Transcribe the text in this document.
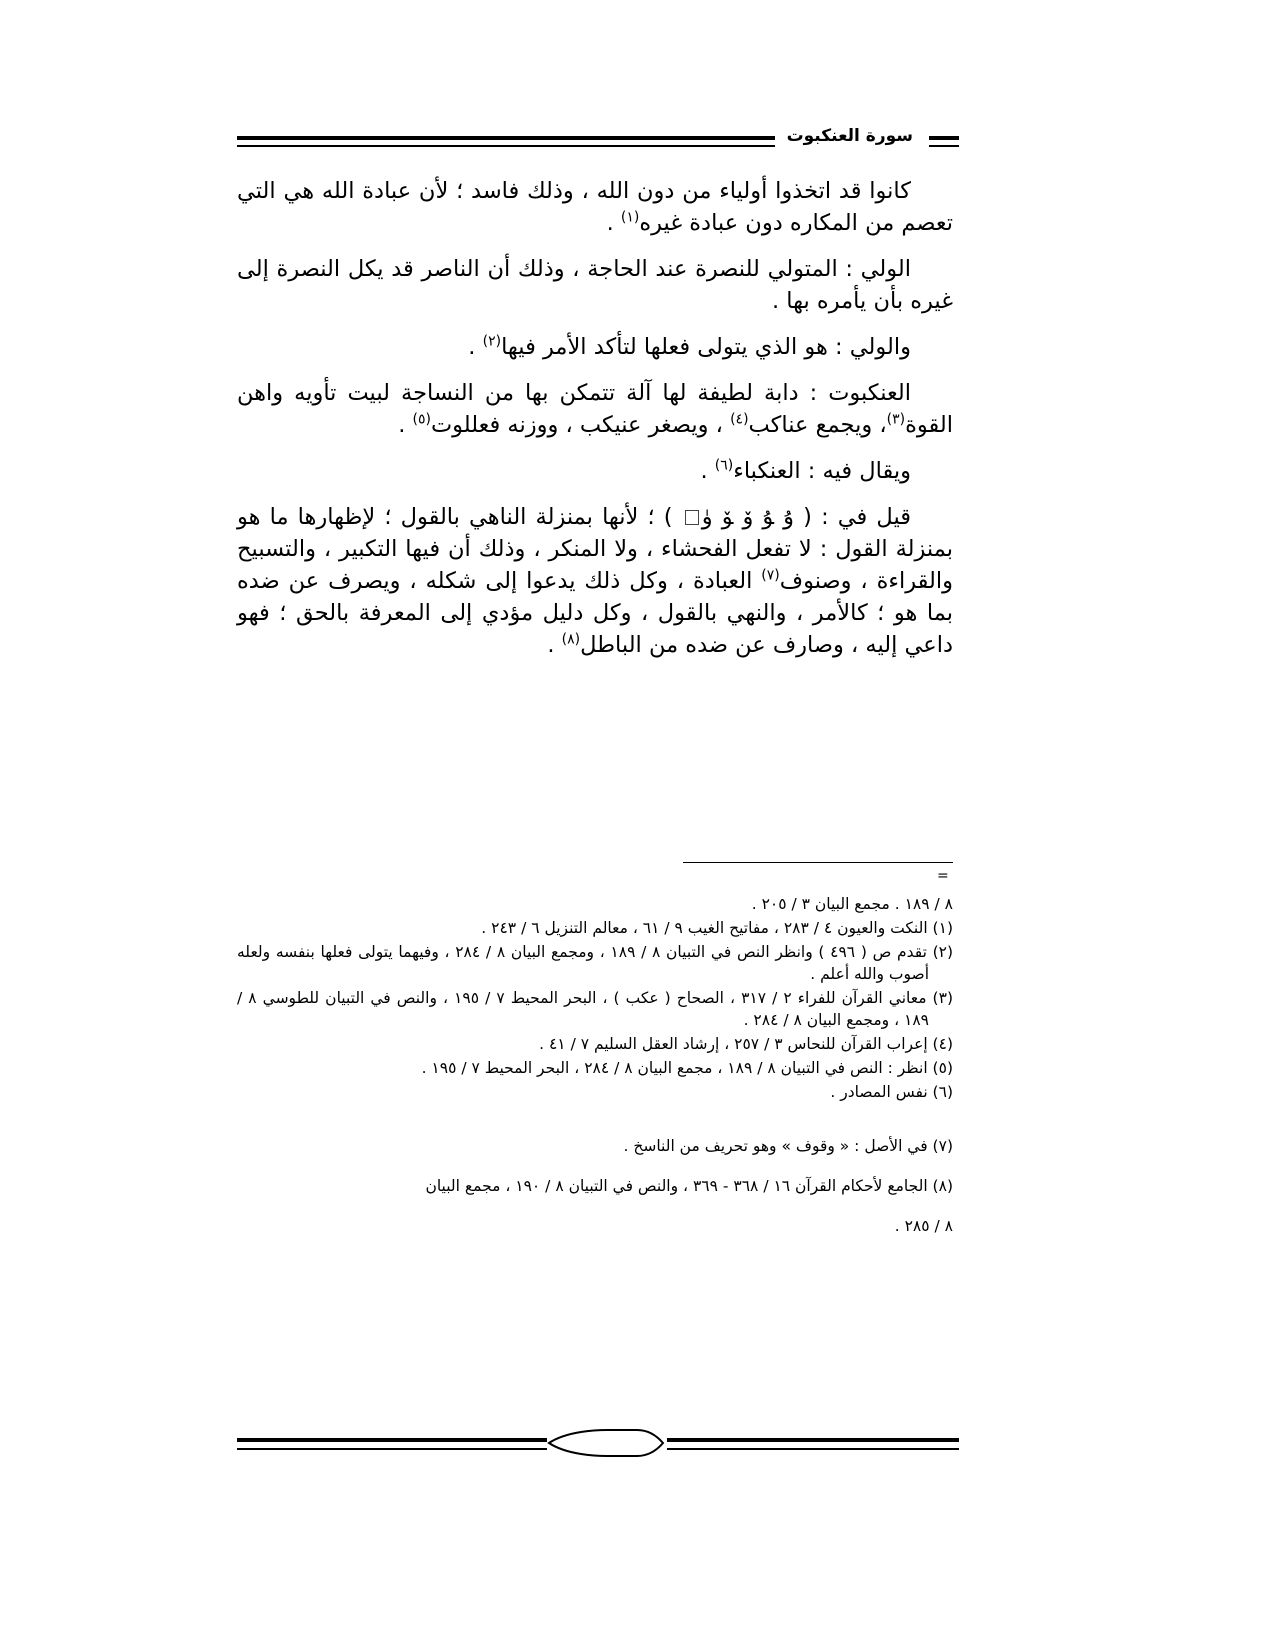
سورة العنكبوت

كانوا قد اتخذوا أولياء من دون الله ، وذلك فاسد ؛ لأن عبادة الله هي التي تعصم من المكاره دون عبادة غيره$^{(١)}$ .

الولي : المتولي للنصرة عند الحاجة ، وذلك أن الناصر قد يكل النصرة إلى غيره بأن يأمره بها .

والولي : هو الذي يتولى فعلها لتأكد الأمر فيها$^{(٢)}$ .

العنكبوت : دابة لطيفة لها آلة تتمكن بها من النساجة لبيت تأويه واهن القوة$^{(٣)}$، ويجمع عناكب$^{(٤)}$ ، ويصغر عنيكب ، ووزنه فعللوت$^{(٥)}$ .

ويقال فيه : العنكباء$^{(٦)}$ .

قيل في : ( ﯗ ﯘ ﯙ ﯚ ﯛ ) ؛ لأنها بمنزلة الناهي بالقول ؛ لإظهارها ما هو بمنزلة القول : لا تفعل الفحشاء ، ولا المنكر ، وذلك أن فيها التكبير ، والتسبيح والقراءة ، وصنوف$^{(٧)}$ العبادة ، وكل ذلك يدعوا إلى شكله ، ويصرف عن ضده بما هو ؛ كالأمر ، والنهي بالقول ، وكل دليل مؤدي إلى المعرفة بالحق ؛ فهو داعي إليه ، وصارف عن ضده من الباطل$^{(٨)}$ .

=

٨ / ١٨٩ . مجمع البيان ٣ / ٢٠٥ .

(١) النكت والعيون ٤ / ٢٨٣ ، مفاتيح الغيب ٩ / ٦١ ، معالم التنزيل ٦ / ٢٤٣ .

(٢) تقدم ص ( ٤٩٦ ) وانظر النص في التبيان ٨ / ١٨٩ ، ومجمع البيان ٨ / ٢٨٤ ، وفيهما يتولى فعلها بنفسه ولعله أصوب والله أعلم .

(٣) معاني القرآن للفراء ٢ / ٣١٧ ، الصحاح ( عكب ) ، البحر المحيط ٧ / ١٩٥ ، والنص في التبيان للطوسي ٨ / ١٨٩ ، ومجمع البيان ٨ / ٢٨٤ .

(٤) إعراب القرآن للنحاس ٣ / ٢٥٧ ، إرشاد العقل السليم ٧ / ٤١ .

(٥) انظر : النص في التبيان ٨ / ١٨٩ ، مجمع البيان ٨ / ٢٨٤ ، البحر المحيط ٧ / ١٩٥ .

(٦) نفس المصادر .

(٧) في الأصل : « وقوف » وهو تحريف من الناسخ .

(٨) الجامع لأحكام القرآن ١٦ / ٣٦٨ - ٣٦٩ ، والنص في التبيان ٨ / ١٩٠ ، مجمع البيان

٨ / ٢٨٥ .
